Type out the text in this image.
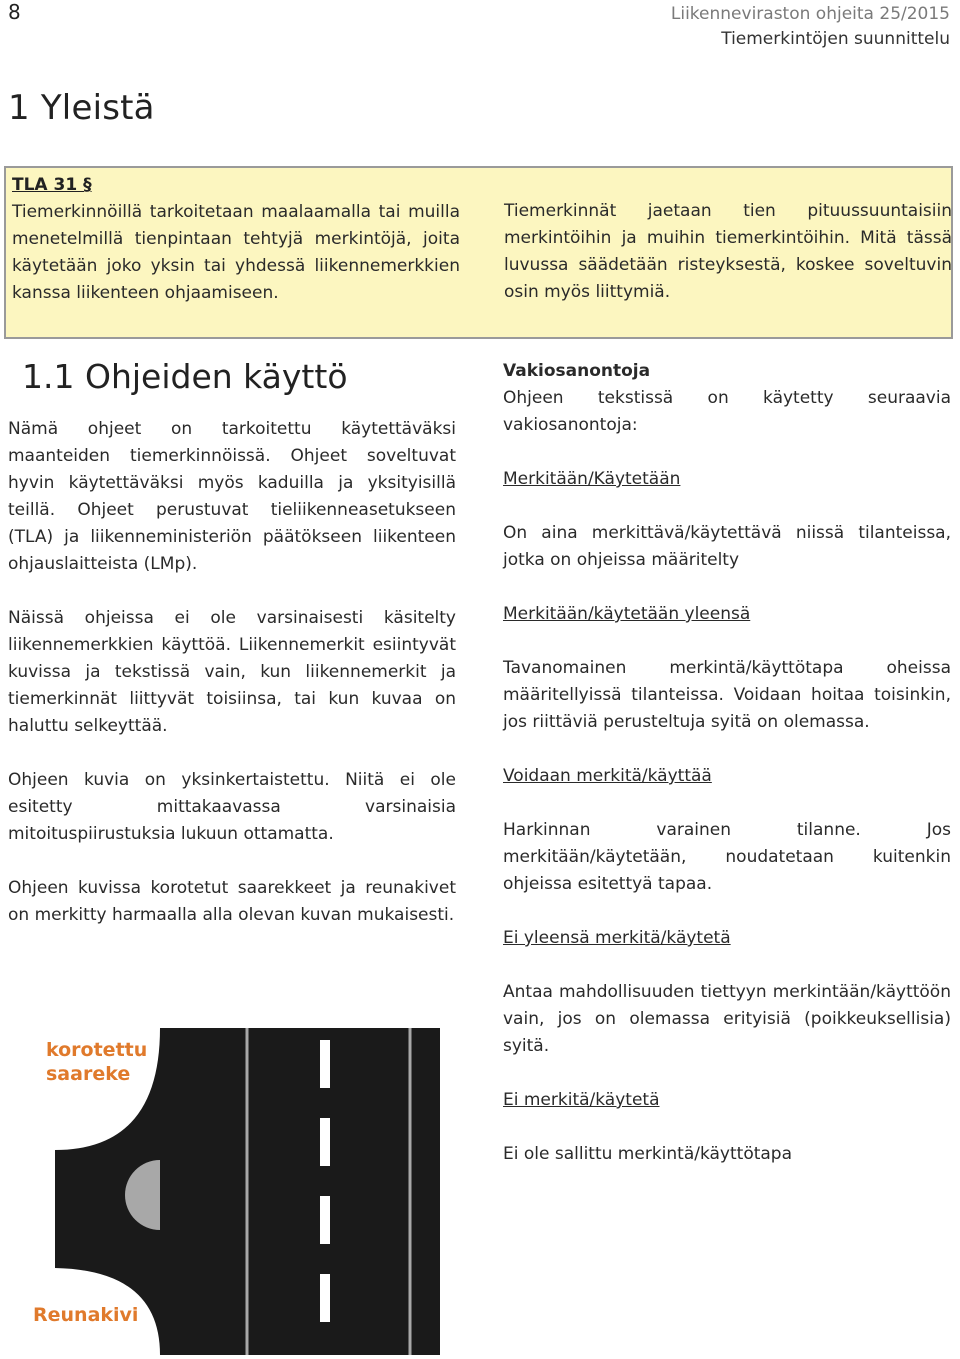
8	Liikenneviraston ohjeita 25/2015
Tiemerkintöjen suunnittelu
1 Yleistä
TLA 31 §
Tiemerkinnöillä tarkoitetaan maalaamalla tai muilla menetelmillä tienpintaan tehtyjä merkintöjä, joita käytetään joko yksin tai yhdessä liikennemerkkien kanssa liikenteen ohjaamiseen.
Tiemerkinnät jaetaan tien pituussuuntaisiin merkintöihin ja muihin tiemerkintöihin. Mitä tässä luvussa säädetään risteyksestä, koskee soveltuvin osin myös liittymiä.
1.1 Ohjeiden käyttö

Nämä ohjeet on tarkoitettu käytettäväksi maanteiden tiemerkinnöissä. Ohjeet soveltuvat hyvin käytettäväksi myös kaduilla ja yksityisillä teillä. Ohjeet perustuvat tieliikenneasetukseen (TLA) ja liikenneministeriön päätökseen liikenteen ohjauslaitteista (LMp).

Näissä ohjeissa ei ole varsinaisesti käsitelty liikennemerkkien käyttöä. Liikennemerkit esiintyvät kuvissa ja tekstissä vain, kun liikennemerkit ja tiemerkinnät liittyvät toisiinsa, tai kun kuvaa on haluttu selkeyttää.

Ohjeen kuvia on yksinkertaistettu. Niitä ei ole esitetty mittakaavassa varsinaisia mitoituspiirustuksia lukuun ottamatta.

Ohjeen kuvissa korotetut saarekkeet ja reunakivet on merkitty harmaalla alla olevan kuvan mukaisesti.

Vakiosanontoja

Ohjeen tekstissä on käytetty seuraavia vakiosanontoja:

Merkitään/Käytetään

On aina merkittävä/käytettävä niissä tilanteissa, jotka on ohjeissa määritelty

Merkitään/käytetään yleensä

Tavanomainen merkintä/käyttötapa oheissa määritellyissä tilanteissa. Voidaan hoitaa toisinkin, jos riittäviä perusteltuja syitä on olemassa.

Voidaan merkitä/käyttää

Harkinnan varainen tilanne. Jos merkitään/käytetään, noudatetaan kuitenkin ohjeissa esitettyä tapaa.

Ei yleensä merkitä/käytetä

Antaa mahdollisuuden tiettyyn merkintään/käyttöön vain, jos on olemassa erityisiä (poikkeuksellisia) syitä.

Ei merkitä/käytetä

Ei ole sallittu merkintä/käyttötapa

korotettu
saareke
Reunakivi
